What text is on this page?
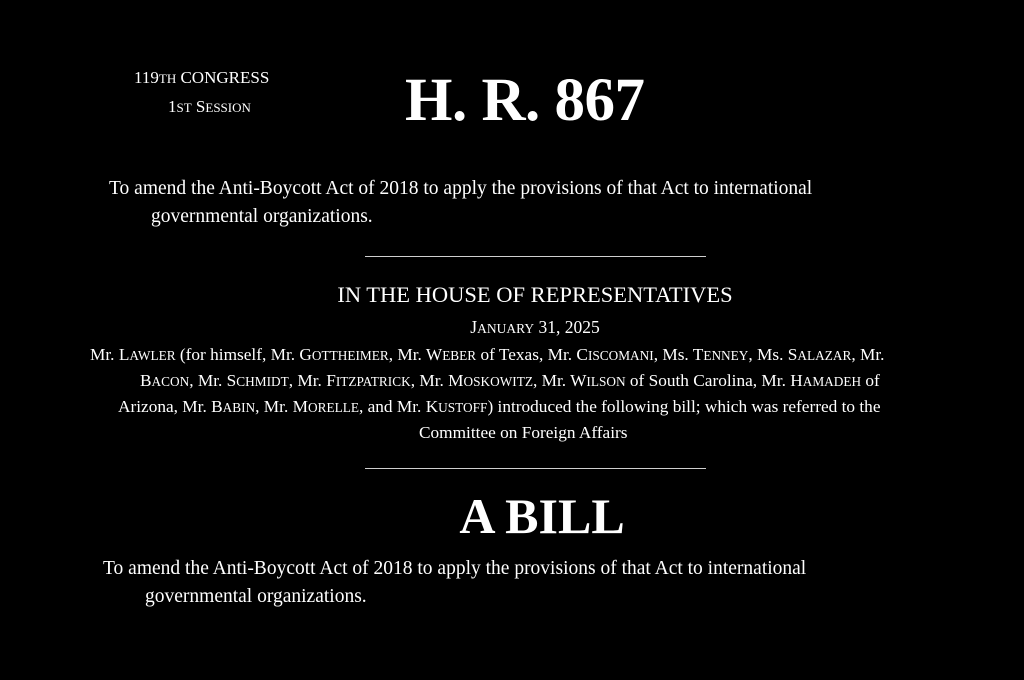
119TH CONGRESS
1ST SESSION	H. R. 867
To amend the Anti-Boycott Act of 2018 to apply the provisions of that Act to international
governmental organizations.
IN THE HOUSE OF REPRESENTATIVES
JANUARY 31, 2025
Mr. LAWLER (for himself, Mr. GOTTHEIMER, Mr. WEBER of Texas, Mr. CISCOMANI, Ms. TENNEY, Ms. SALAZAR, Mr.
BACON, Mr. SCHMIDT, Mr. FITZPATRICK, Mr. MOSKOWITZ, Mr. WILSON of South Carolina, Mr. HAMADEH of
Arizona, Mr. BABIN, Mr. MORELLE, and Mr. KUSTOFF) introduced the following bill; which was referred to the
Committee on Foreign Affairs
A BILL
To amend the Anti-Boycott Act of 2018 to apply the provisions of that Act to international
governmental organizations.
